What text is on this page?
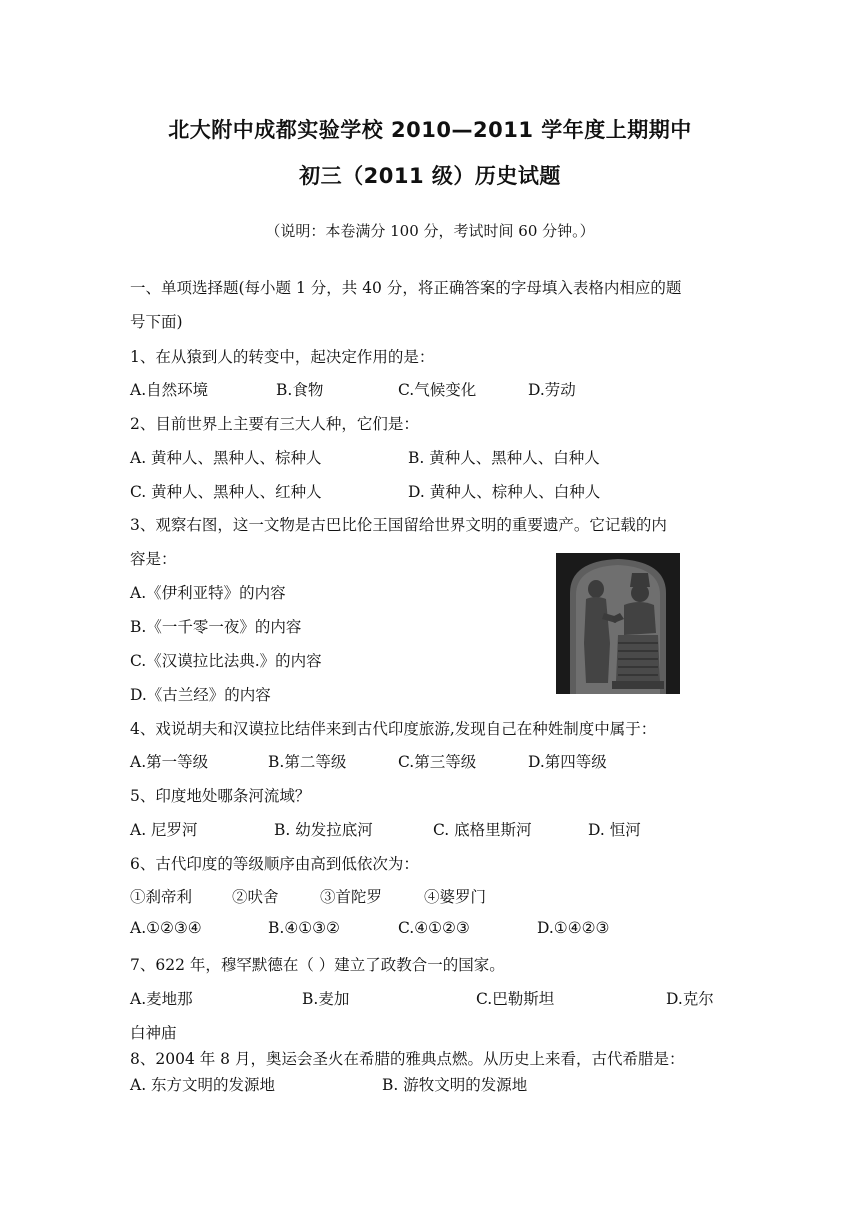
北大附中成都实验学校 2010—2011 学年度上期期中
初三（2011 级）历史试题
（说明：本卷满分 100 分，考试时间 60 分钟。）
一、单项选择题(每小题 1 分，共 40 分，将正确答案的字母填入表格内相应的题
号下面)
1、在从猿到人的转变中，起决定作用的是：
A.自然环境	B.食物	C.气候变化	D.劳动
2、目前世界上主要有三大人种，它们是：
A. 黄种人、黑种人、棕种人	B. 黄种人、黑种人、白种人
C. 黄种人、黑种人、红种人	D. 黄种人、棕种人、白种人
3、观察右图，这一文物是古巴比伦王国留给世界文明的重要遗产。它记载的内
容是：
A.《伊利亚特》的内容
B.《一千零一夜》的内容
C.《汉谟拉比法典.》的内容
D.《古兰经》的内容
4、戏说胡夫和汉谟拉比结伴来到古代印度旅游,发现自己在种姓制度中属于：
A.第一等级	B.第二等级	C.第三等级	D.第四等级
5、印度地处哪条河流域？
A. 尼罗河	B. 幼发拉底河	C. 底格里斯河	D. 恒河
6、古代印度的等级顺序由高到低依次为：
①刹帝利	②吠舍	③首陀罗	④婆罗门
A.①②③④	B.④①③②	C.④①②③	D.①④②③
7、622 年，穆罕默德在（ ）建立了政教合一的国家。
A.麦地那	B.麦加	C.巴勒斯坦	D.克尔
白神庙
8、2004 年 8 月，奥运会圣火在希腊的雅典点燃。从历史上来看，古代希腊是：
A. 东方文明的发源地	B. 游牧文明的发源地
